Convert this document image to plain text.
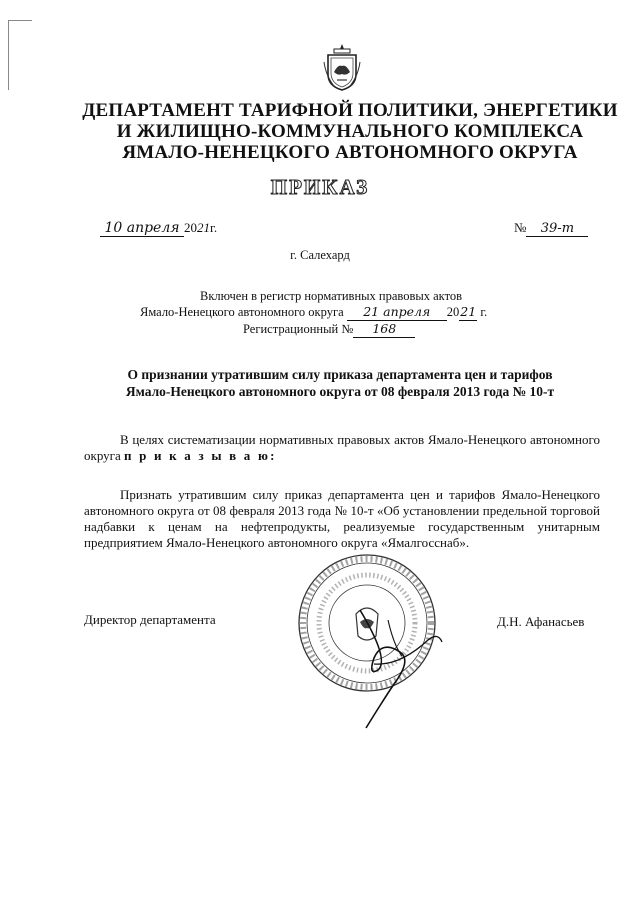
ДЕПАРТАМЕНТ ТАРИФНОЙ ПОЛИТИКИ, ЭНЕРГЕТИКИ
И ЖИЛИЩНО-КОММУНАЛЬНОГО КОМПЛЕКСА
ЯМАЛО-НЕНЕЦКОГО АВТОНОМНОГО ОКРУГА
ПРИКАЗ
10 апреля 2021г.	№ 39-т
г. Салехард
Включен в регистр нормативных правовых актов
Ямало-Ненецкого автономного округа 21 апреля 2021 г.
Регистрационный № 168
О признании утратившим силу приказа департамента цен и тарифов
Ямало-Ненецкого автономного округа от 08 февраля 2013 года № 10-т
В целях систематизации нормативных правовых актов Ямало-Ненецкого автономного округа п р и к а з ы в а ю:
Признать утратившим силу приказ департамента цен и тарифов Ямало-Ненецкого автономного округа от 08 февраля 2013 года № 10-т «Об установлении предельной торговой надбавки к ценам на нефтепродукты, реализуемые государственным унитарным предприятием Ямало-Ненецкого автономного округа «Ямалгосснаб».
Директор департамента	Д.Н. Афанасьев
